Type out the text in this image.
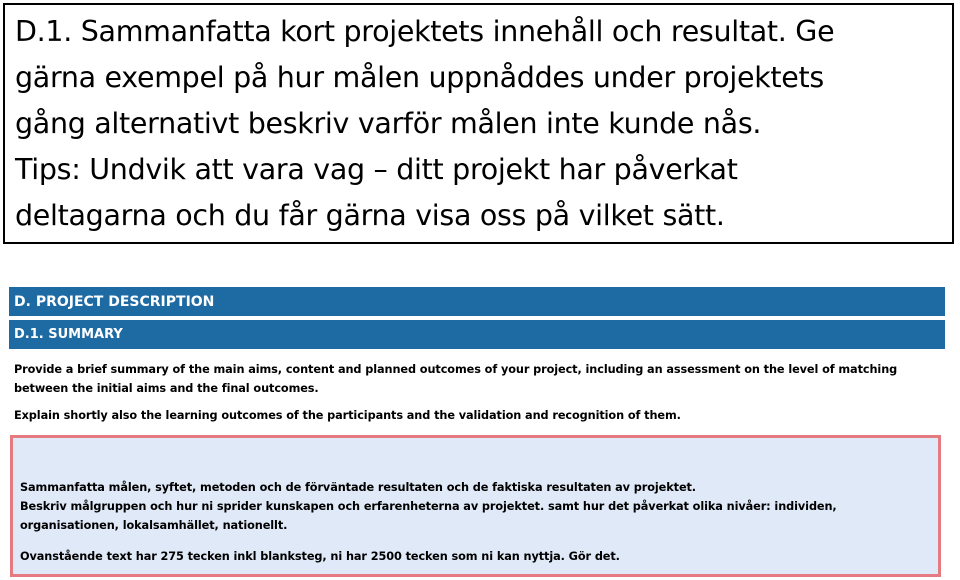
D.1. Sammanfatta kort projektets innehåll och resultat. Ge

gärna exempel på hur målen uppnåddes under projektets

gång alternativt beskriv varför målen inte kunde nås.

Tips: Undvik att vara vag – ditt projekt har påverkat

deltagarna och du får gärna visa oss på vilket sätt.

D. PROJECT DESCRIPTION
D.1. SUMMARY
Provide a brief summary of the main aims, content and planned outcomes of your project, including an assessment on the level of matching between the initial aims and the final outcomes.
Explain shortly also the learning outcomes of the participants and the validation and recognition of them.

Sammanfatta målen, syftet, metoden och de förväntade resultaten och de faktiska resultaten av projektet.

Beskriv målgruppen och hur ni sprider kunskapen och erfarenheterna av projektet. samt hur det påverkat olika nivåer: individen, organisationen, lokalsamhället, nationellt.

Ovanstående text har 275 tecken inkl blanksteg, ni har 2500 tecken som ni kan nyttja. Gör det.
